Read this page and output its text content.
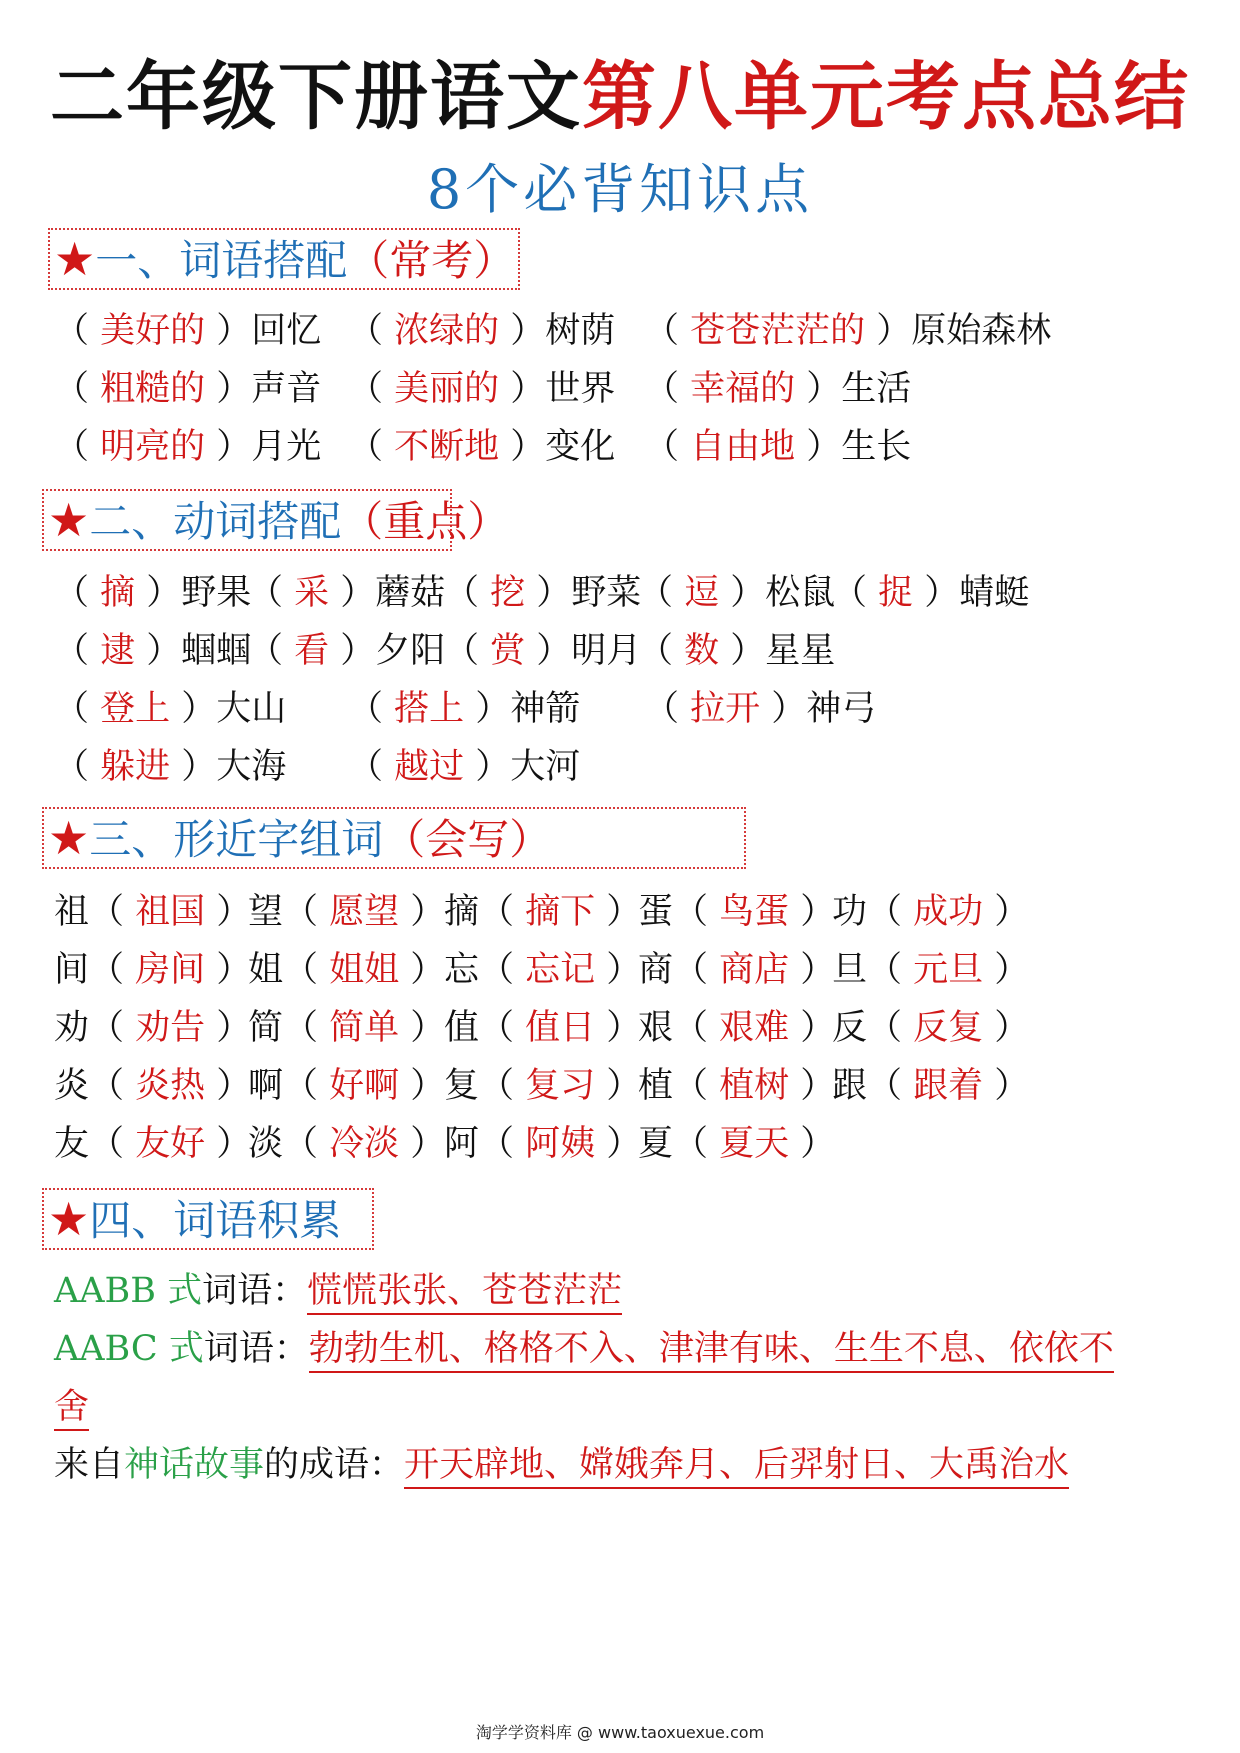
二年级下册语文第八单元考点总结
8个必背知识点
★一、词语搭配（常考）
（ 美好的 ）回忆 （ 浓绿的 ）树荫 （ 苍苍茫茫的 ）原始森林
（ 粗糙的 ）声音 （ 美丽的 ）世界 （ 幸福的 ）生活
（ 明亮的 ）月光 （ 不断地 ）变化 （ 自由地 ）生长
★二、动词搭配（重点）
（ 摘 ）野果
（ 采 ）蘑菇
（ 挖 ）野菜
（ 逗 ）松鼠
（ 捉 ）蜻蜓
（ 逮 ）蝈蝈
（ 看 ）夕阳
（ 赏 ）明月
（ 数 ）星星
（ 登上 ）大山 （ 搭上 ）神箭 （ 拉开 ）神弓
（ 躲进 ）大海 （ 越过 ）大河
★三、形近字组词（会写）
祖（ 祖国 ）
望（ 愿望 ）
摘（ 摘下 ）
蛋（ 鸟蛋 ）
功（ 成功 ）
间（ 房间 ）
姐（ 姐姐 ）
忘（ 忘记 ）
商（ 商店 ）
旦（ 元旦 ）
劝（ 劝告 ）
简（ 简单 ）
值（ 值日 ）
艰（ 艰难 ）
反（ 反复 ）
炎（ 炎热 ）
啊（ 好啊 ）
复（ 复习 ）
植（ 植树 ）
跟（ 跟着 ）
友（ 友好 ）
淡（ 冷淡 ）
阿（ 阿姨 ）
夏（ 夏天 ）
★四、词语积累
AABB 式词语：慌慌张张、苍苍茫茫
AABC 式词语：勃勃生机、格格不入、津津有味、生生不息、依依不
舍
来自神话故事的成语：开天辟地、嫦娥奔月、后羿射日、大禹治水
淘学学资料库 @ www.taoxuexue.com
